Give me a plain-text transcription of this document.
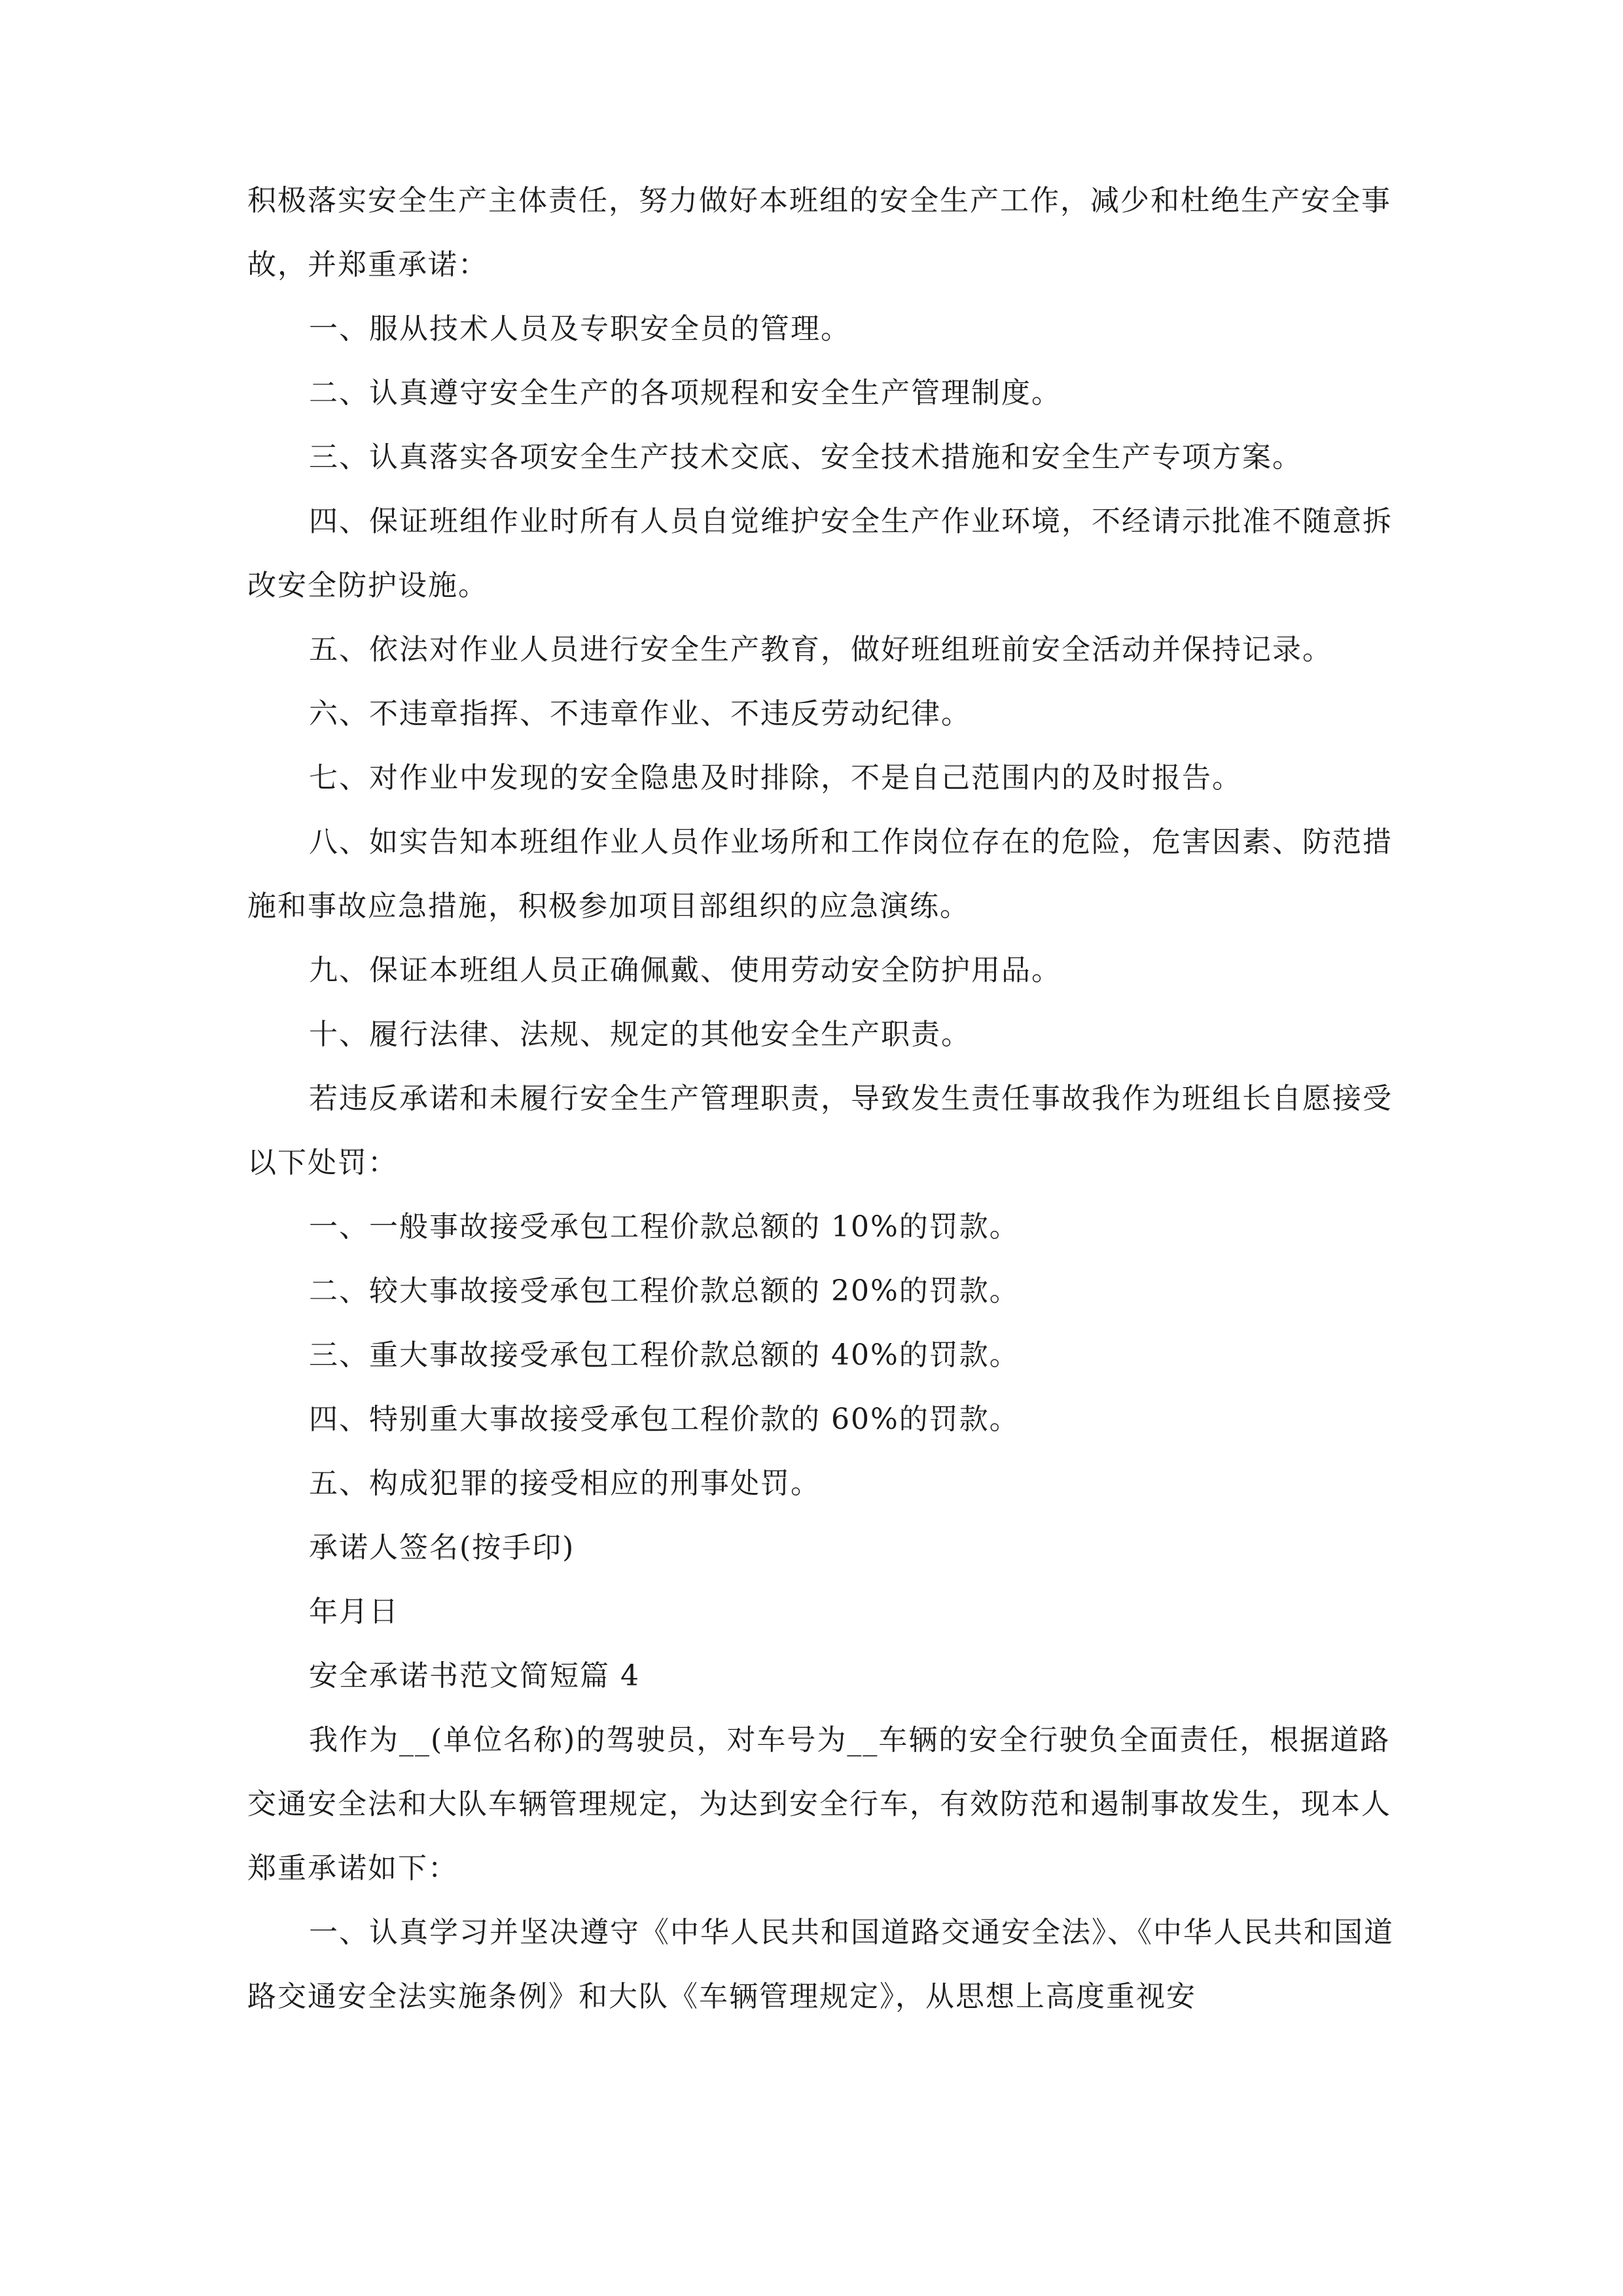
积极落实安全生产主体责任，努力做好本班组的安全生产工作，减少和杜绝生产安全事故，并郑重承诺：

一、服从技术人员及专职安全员的管理。

二、认真遵守安全生产的各项规程和安全生产管理制度。

三、认真落实各项安全生产技术交底、安全技术措施和安全生产专项方案。

四、保证班组作业时所有人员自觉维护安全生产作业环境，不经请示批准不随意拆改安全防护设施。

五、依法对作业人员进行安全生产教育，做好班组班前安全活动并保持记录。

六、不违章指挥、不违章作业、不违反劳动纪律。

七、对作业中发现的安全隐患及时排除，不是自己范围内的及时报告。

八、如实告知本班组作业人员作业场所和工作岗位存在的危险，危害因素、防范措施和事故应急措施，积极参加项目部组织的应急演练。

九、保证本班组人员正确佩戴、使用劳动安全防护用品。

十、履行法律、法规、规定的其他安全生产职责。

若违反承诺和未履行安全生产管理职责，导致发生责任事故我作为班组长自愿接受以下处罚：

一、一般事故接受承包工程价款总额的 10%的罚款。

二、较大事故接受承包工程价款总额的 20%的罚款。

三、重大事故接受承包工程价款总额的 40%的罚款。

四、特别重大事故接受承包工程价款的 60%的罚款。

五、构成犯罪的接受相应的刑事处罚。

承诺人签名(按手印)

年月日

安全承诺书范文简短篇 4

我作为__(单位名称)的驾驶员，对车号为__车辆的安全行驶负全面责任，根据道路交通安全法和大队车辆管理规定，为达到安全行车，有效防范和遏制事故发生，现本人郑重承诺如下：

一、认真学习并坚决遵守《中华人民共和国道路交通安全法》、《中华人民共和国道路交通安全法实施条例》和大队《车辆管理规定》，从思想上高度重视安
